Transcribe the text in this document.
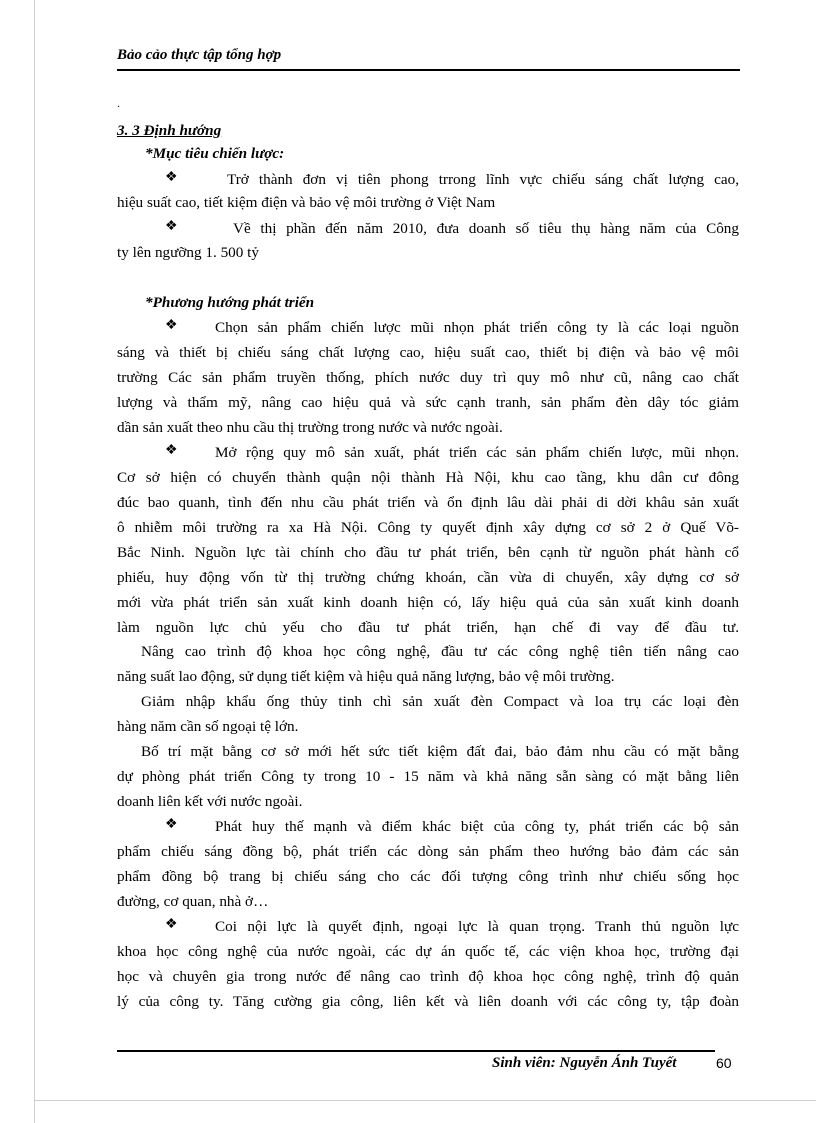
Bảo cảo thực tập tổng hợp
.
3. 3 Định hướng
*Mục tiêu chiến lược:
❖	Trở thành đơn vị tiên phong trrong lĩnh vực chiếu sáng chất lượng cao,
hiệu suất cao, tiết kiệm điện và bảo vệ môi trường ở Việt Nam
❖	Về thị phần đến năm 2010, đưa doanh số tiêu thụ hàng năm của Công
ty lên ngưỡng 1. 500 tỷ
*Phương hướng phát triển
❖ Chọn sản phẩm chiến lược mũi nhọn phát triển công ty là các loại nguồn
sáng và thiết bị chiếu sáng chất lượng cao, hiệu suất cao, thiết bị điện và bảo vệ môi
trường Các sản phẩm truyền thống, phích nước duy trì quy mô như cũ, nâng cao chất
lượng và thẩm mỹ, nâng cao hiệu quả và sức cạnh tranh, sản phẩm đèn dây tóc giảm
dần sản xuất theo nhu cầu thị trường trong nước và nước ngoài.
❖ Mở rộng quy mô sản xuất, phát triển các sản phẩm chiến lược, mũi nhọn.
Cơ sở hiện có chuyển thành quận nội thành Hà Nội, khu cao tầng, khu dân cư đông
đúc bao quanh, tình đến nhu cầu phát triển và ổn định lâu dài phải di dời khâu sản xuất
ô nhiễm môi trường ra xa Hà Nội. Công ty quyết định xây dựng cơ sở 2 ở Quế Võ-
Bắc Ninh. Nguồn lực tài chính cho đầu tư phát triển, bên cạnh từ nguồn phát hành cổ
phiếu, huy động vốn từ thị trường chứng khoán, cần vừa di chuyển, xây dựng cơ sở
mới vừa phát triển sản xuất kinh doanh hiện có, lấy hiệu quả của sản xuất kinh doanh
làm nguồn lực chủ yếu cho đầu tư phát triển, hạn chế đi vay để đầu tư.
Nâng cao trình độ khoa học công nghệ, đầu tư các công nghệ tiên tiến nâng cao
năng suất lao động, sử dụng tiết kiệm và hiệu quả năng lượng, bảo vệ môi trường.
Giảm nhập khẩu ống thủy tinh chì sản xuất đèn Compact và loa trụ các loại đèn
hàng năm cần số ngoại tệ lớn.
Bố trí mặt bằng cơ sở mới hết sức tiết kiệm đất đai, bảo đảm nhu cầu có mặt bằng
dự phòng phát triển Công ty trong 10 - 15 năm và khả năng sẵn sàng có mặt bằng liên
doanh liên kết với nước ngoài.
❖ Phát huy thế mạnh và điểm khác biệt của công ty, phát triển các bộ sản
phẩm chiếu sáng đồng bộ, phát triển các dòng sản phẩm theo hướng bảo đảm các sản
phẩm đồng bộ trang bị chiếu sáng cho các đối tượng công trình như chiếu sống học
đường, cơ quan, nhà ở…
❖ Coi nội lực là quyết định, ngoại lực là quan trọng. Tranh thủ nguồn lực
khoa học công nghệ của nước ngoài, các dự án quốc tế, các viện khoa học, trường đại
học và chuyên gia trong nước để nâng cao trình độ khoa học công nghệ, trình độ quản
lý của công ty. Tăng cường gia công, liên kết và liên doanh với các công ty, tập đoàn
Sinh viên: Nguyễn Ánh Tuyết	60
